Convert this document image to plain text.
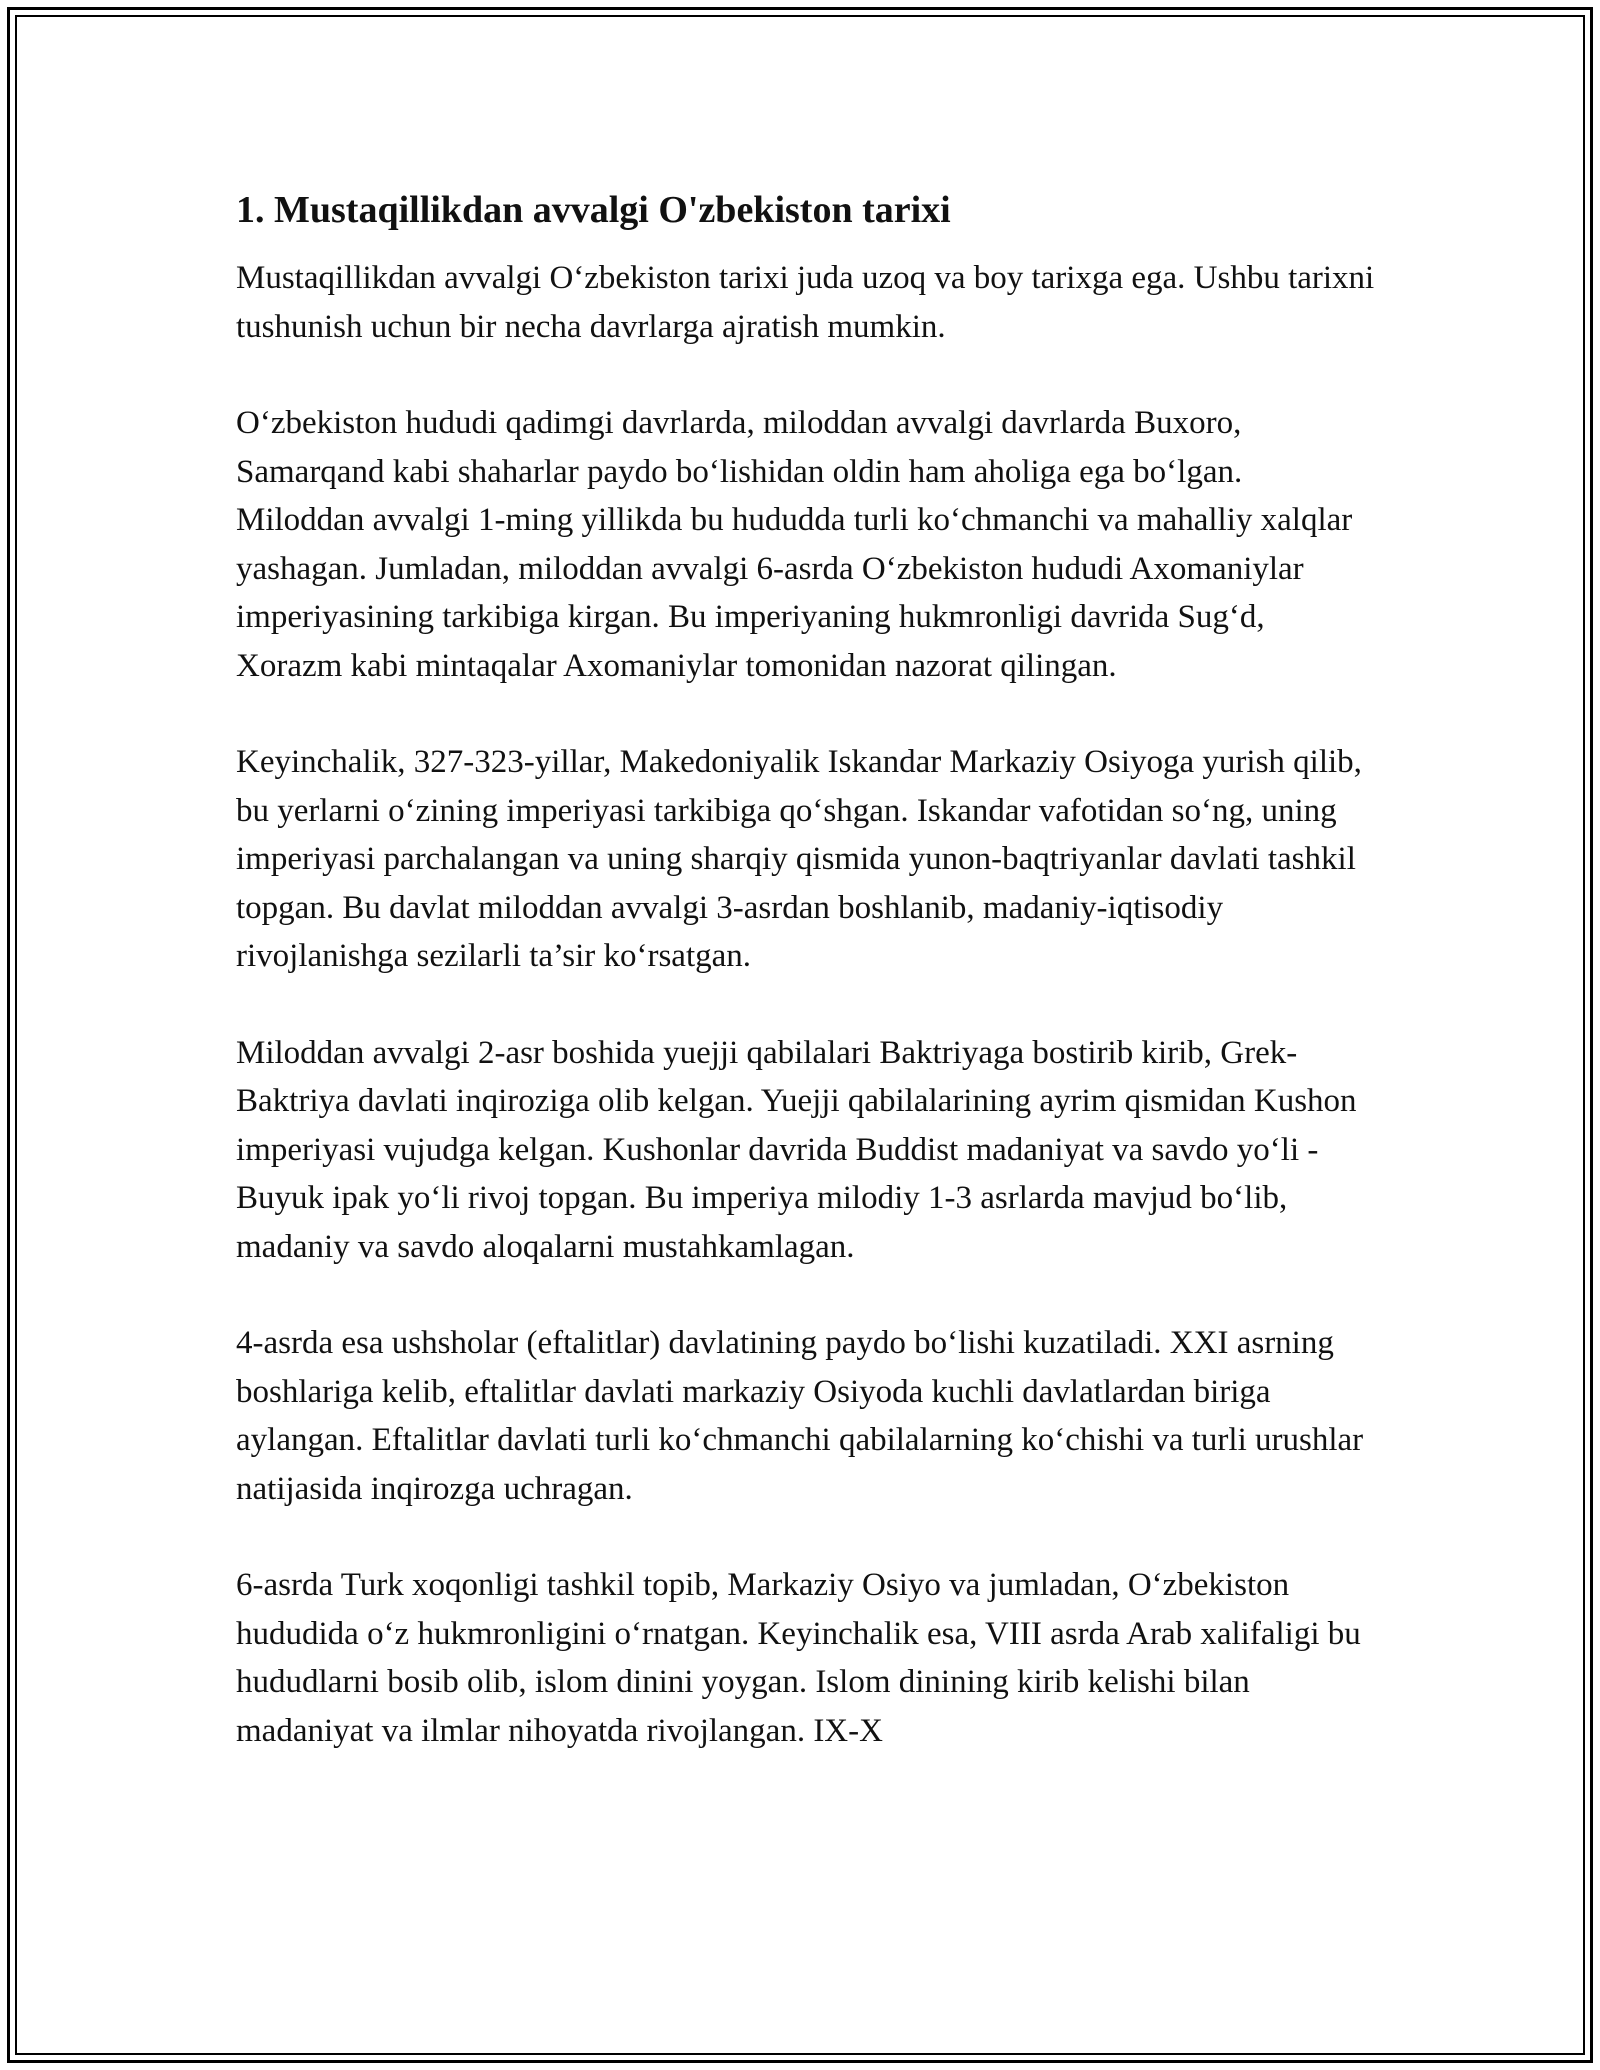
1. Mustaqillikdan avvalgi O'zbekiston tarixi

Mustaqillikdan avvalgi O‘zbekiston tarixi juda uzoq va boy tarixga ega. Ushbu tarixni tushunish uchun bir necha davrlarga ajratish mumkin.

O‘zbekiston hududi qadimgi davrlarda, miloddan avvalgi davrlarda Buxoro, Samarqand kabi shaharlar paydo bo‘lishidan oldin ham aholiga ega bo‘lgan. Miloddan avvalgi 1-ming yillikda bu hududda turli ko‘chmanchi va mahalliy xalqlar yashagan. Jumladan, miloddan avvalgi 6-asrda O‘zbekiston hududi Axomaniylar imperiyasining tarkibiga kirgan. Bu imperiyaning hukmronligi davrida Sug‘d, Xorazm kabi mintaqalar Axomaniylar tomonidan nazorat qilingan.

Keyinchalik, 327-323-yillar, Makedoniyalik Iskandar Markaziy Osiyoga yurish qilib, bu yerlarni o‘zining imperiyasi tarkibiga qo‘shgan. Iskandar vafotidan so‘ng, uning imperiyasi parchalangan va uning sharqiy qismida yunon-baqtriyanlar davlati tashkil topgan. Bu davlat miloddan avvalgi 3-asrdan boshlanib, madaniy-iqtisodiy rivojlanishga sezilarli ta’sir ko‘rsatgan.

Miloddan avvalgi 2-asr boshida yuejji qabilalari Baktriyaga bostirib kirib, Grek-Baktriya davlati inqiroziga olib kelgan. Yuejji qabilalarining ayrim qismidan Kushon imperiyasi vujudga kelgan. Kushonlar davrida Buddist madaniyat va savdo yo‘li - Buyuk ipak yo‘li rivoj topgan. Bu imperiya milodiy 1-3 asrlarda mavjud bo‘lib, madaniy va savdo aloqalarni mustahkamlagan.

4-asrda esa ushsholar (eftalitlar) davlatining paydo bo‘lishi kuzatiladi. XXI asrning boshlariga kelib, eftalitlar davlati markaziy Osiyoda kuchli davlatlardan biriga aylangan. Eftalitlar davlati turli ko‘chmanchi qabilalarning ko‘chishi va turli urushlar natijasida inqirozga uchragan.

6-asrda Turk xoqonligi tashkil topib, Markaziy Osiyo va jumladan, O‘zbekiston hududida o‘z hukmronligini o‘rnatgan. Keyinchalik esa, VIII asrda Arab xalifaligi bu hududlarni bosib olib, islom dinini yoygan. Islom dinining kirib kelishi bilan madaniyat va ilmlar nihoyatda rivojlangan. IX-X
